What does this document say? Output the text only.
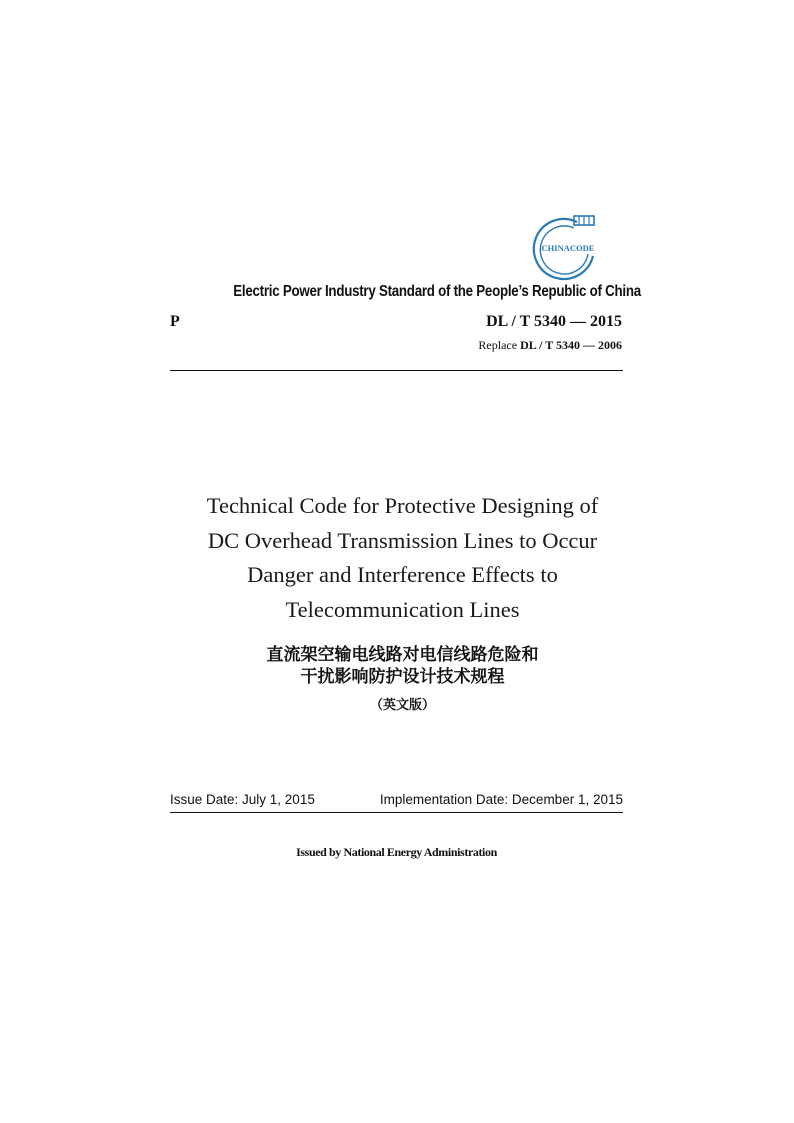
CHINACODE
Electric Power Industry Standard of the People’s Republic of China
P	DL / T 5340 — 2015
Replace DL / T 5340 — 2006
Technical Code for Protective Designing of
DC Overhead Transmission Lines to Occur
Danger and Interference Effects to
Telecommunication Lines
直流架空输电线路对电信线路危险和
干扰影响防护设计技术规程
（英文版）
Issue Date: July 1, 2015	Implementation Date: December 1, 2015
Issued by National Energy Administration
